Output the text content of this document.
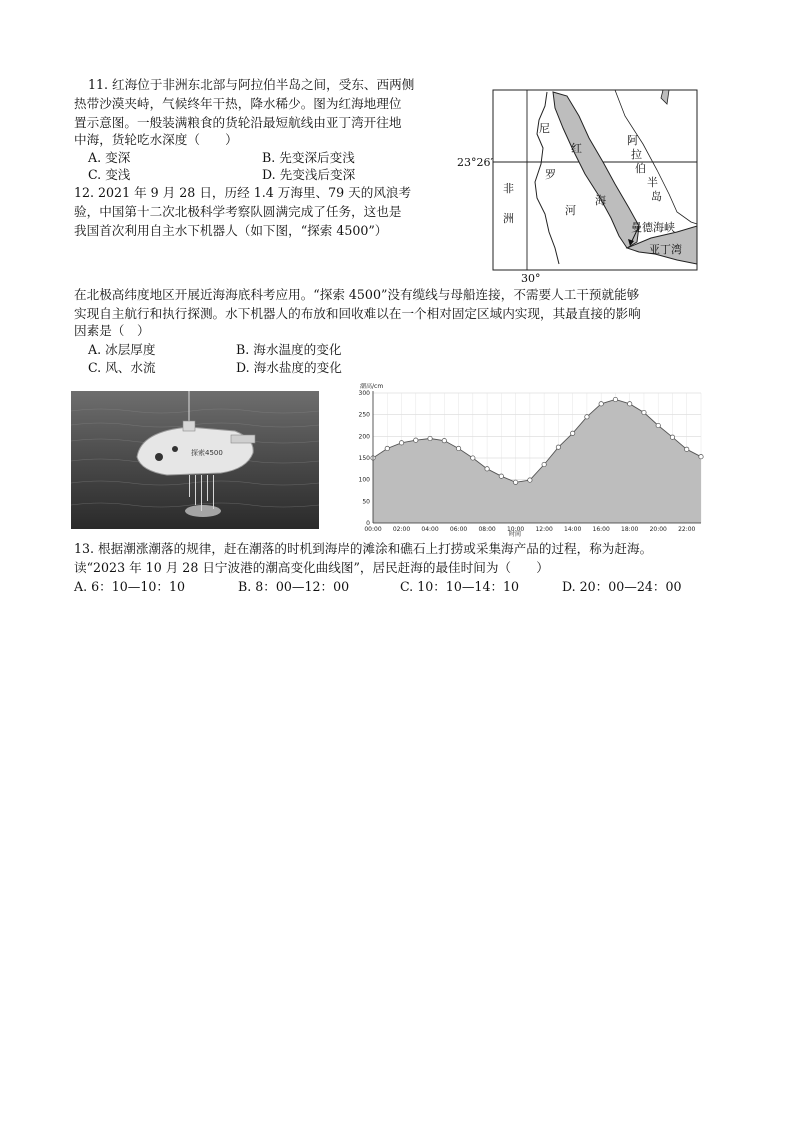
11. 红海位于非洲东北部与阿拉伯半岛之间，受东、西两侧
热带沙漠夹峙，气候终年干热，降水稀少。图为红海地理位
置示意图。一般装满粮食的货轮沿最短航线由亚丁湾开往地
中海，货轮吃水深度（　　）
A. 变深	B. 先变深后变浅
C. 变浅	D. 先变浅后变深
12. 2021 年 9 月 28 日，历经 1.4 万海里、79 天的风浪考
验，中国第十二次北极科学考察队圆满完成了任务，这也是
我国首次利用自主水下机器人（如下图，“探索 4500”）
在北极高纬度地区开展近海海底科考应用。“探索 4500”没有缆线与母船连接，不需要人工干预就能够
实现自主航行和执行探测。水下机器人的布放和回收难以在一个相对固定区域内实现，其最直接的影响
因素是（　）
A. 冰层厚度	B. 海水温度的变化
C. 风、水流	D. 海水盐度的变化
13. 根据潮涨潮落的规律，赶在潮落的时机到海岸的滩涂和礁石上打捞或采集海产品的过程，称为赶海。
读“2023 年 10 月 28 日宁波港的潮高变化曲线图”，居民赶海的最佳时间为（　　）
A. 6：10—10：10	B. 8：00—12：00	C. 10：10—14：10	D. 20：00—24：00
23°26′
30°
非
洲
尼
罗
河
红
海
阿
拉
伯
半
岛
曼德海峡
亚丁湾
探索4500
0
50
100
150
200
250
300
00:00 02:00 04:00 06:00 08:00 10:00 12:00 14:00 16:00 18:00 20:00 22:00
潮高/cm
时间
